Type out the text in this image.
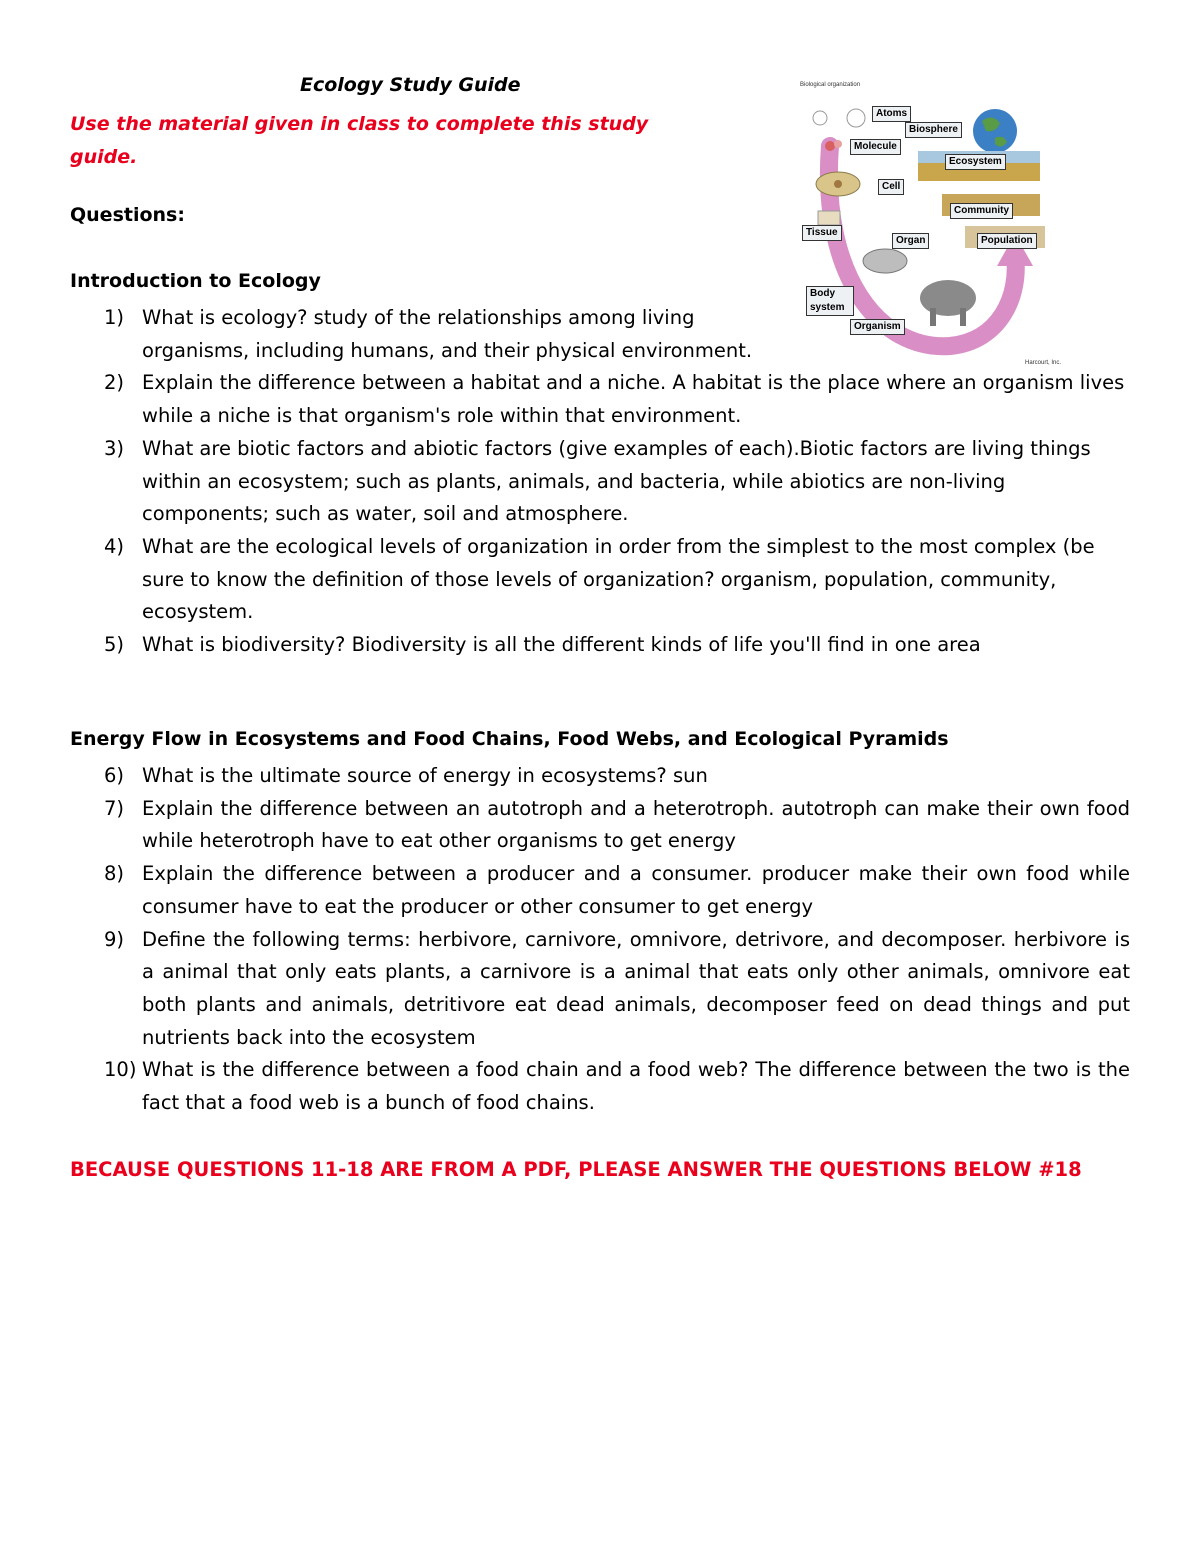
Ecology Study Guide
Use the material given in class to complete this study guide.
Questions:
Biological organization
Atoms
Biosphere
Molecule
Ecosystem
Cell
Community
Tissue
Organ	Population
Body system
Organism
Harcourt, Inc.
Introduction to Ecology
1) What is ecology? study of the relationships among living organisms, including humans, and their physical environment.
2) Explain the difference between a habitat and a niche. A habitat is the place where an organism lives while a niche is that organism's role within that environment.
3) What are biotic factors and abiotic factors (give examples of each).Biotic factors are living things within an ecosystem; such as plants, animals, and bacteria, while abiotics are non-living components; such as water, soil and atmosphere.
4) What are the ecological levels of organization in order from the simplest to the most complex (be sure to know the definition of those levels of organization? organism, population, community, ecosystem.
5) What is biodiversity? Biodiversity is all the different kinds of life you'll find in one area
Energy Flow in Ecosystems and Food Chains, Food Webs, and Ecological Pyramids
6) What is the ultimate source of energy in ecosystems? sun
7) Explain the difference between an autotroph and a heterotroph. autotroph can make their own food while heterotroph have to eat other organisms to get energy
8) Explain the difference between a producer and a consumer. producer make their own food while consumer have to eat the producer or other consumer to get energy
9) Define the following terms: herbivore, carnivore, omnivore, detrivore, and decomposer. herbivore is a animal that only eats plants, a carnivore is a animal that eats only other animals, omnivore eat both plants and animals, detritivore eat dead animals, decomposer feed on dead things and put nutrients back into the ecosystem
10) What is the difference between a food chain and a food web? The difference between the two is the fact that a food web is a bunch of food chains.
BECAUSE QUESTIONS 11-18 ARE FROM A PDF, PLEASE ANSWER THE QUESTIONS BELOW #18
